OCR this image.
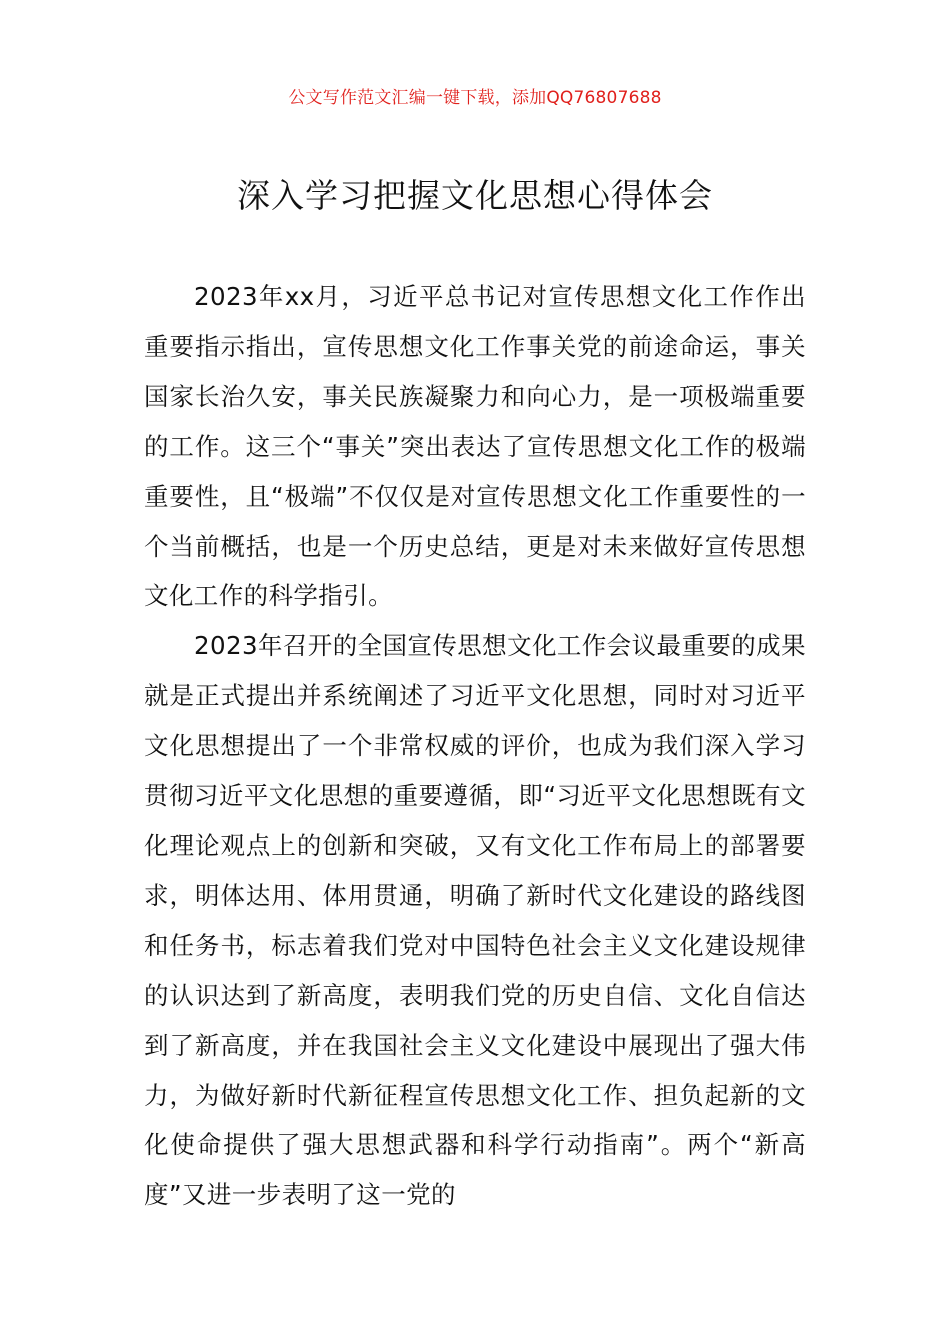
公文写作范文汇编一键下载，添加QQ76807688
深入学习把握文化思想心得体会

2023年xx月，习近平总书记对宣传思想文化工作作出重要指示指出，宣传思想文化工作事关党的前途命运，事关国家长治久安，事关民族凝聚力和向心力，是一项极端重要的工作。这三个“事关”突出表达了宣传思想文化工作的极端重要性，且“极端”不仅仅是对宣传思想文化工作重要性的一个当前概括，也是一个历史总结，更是对未来做好宣传思想文化工作的科学指引。

2023年召开的全国宣传思想文化工作会议最重要的成果就是正式提出并系统阐述了习近平文化思想，同时对习近平文化思想提出了一个非常权威的评价，也成为我们深入学习贯彻习近平文化思想的重要遵循，即“习近平文化思想既有文化理论观点上的创新和突破，又有文化工作布局上的部署要求，明体达用、体用贯通，明确了新时代文化建设的路线图和任务书，标志着我们党对中国特色社会主义文化建设规律的认识达到了新高度，表明我们党的历史自信、文化自信达到了新高度，并在我国社会主义文化建设中展现出了强大伟力，为做好新时代新征程宣传思想文化工作、担负起新的文化使命提供了强大思想武器和科学行动指南”。两个“新高度”又进一步表明了这一党的
